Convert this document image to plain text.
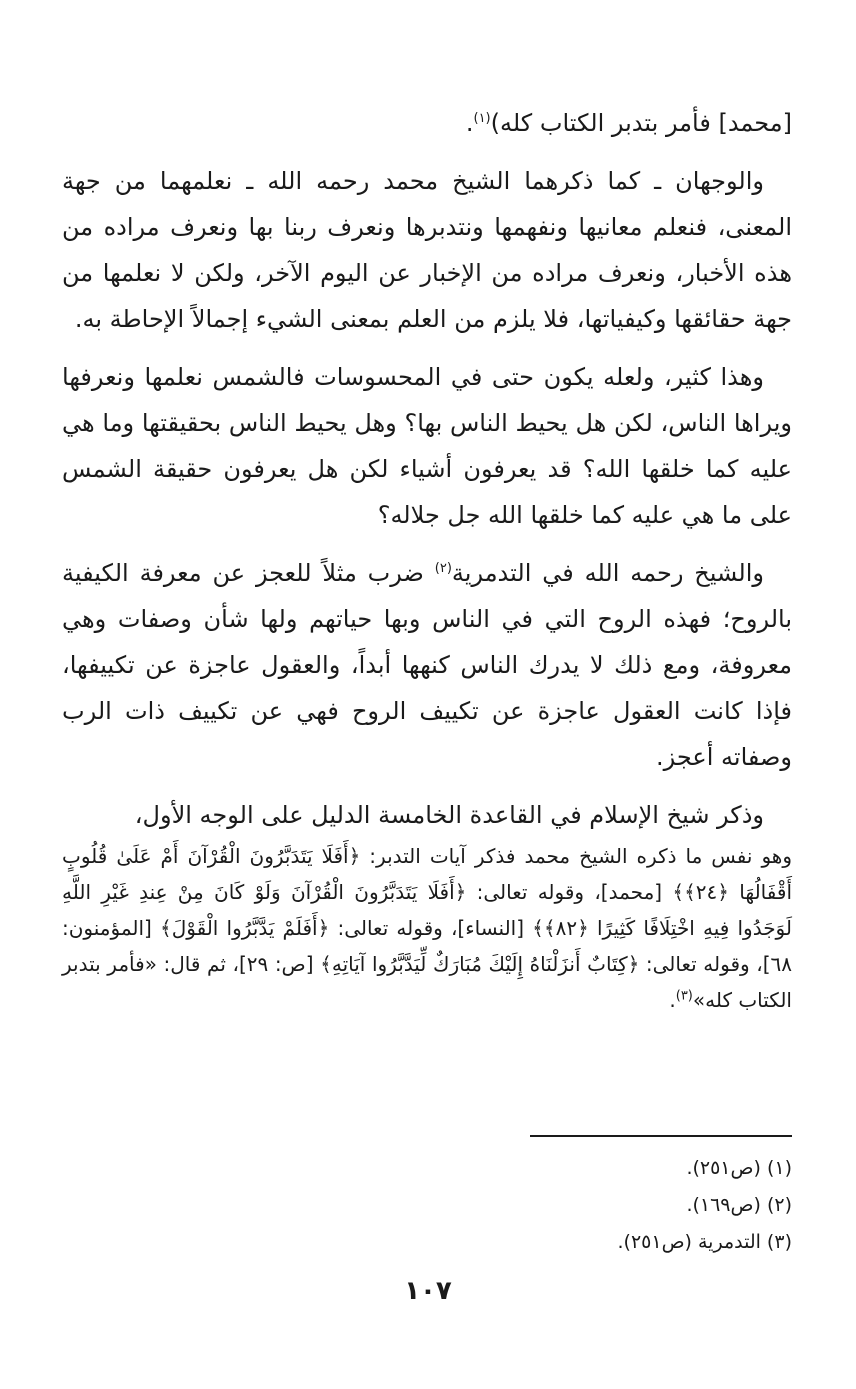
[محمد] فأمر بتدبر الكتاب كله)$^{(١)}$.

والوجهان ـ كما ذكرهما الشيخ محمد رحمه الله ـ نعلمهما من جهة المعنى، فنعلم معانيها ونفهمها ونتدبرها ونعرف ربنا بها ونعرف مراده من هذه الأخبار، ونعرف مراده من الإخبار عن اليوم الآخر، ولكن لا نعلمها من جهة حقائقها وكيفياتها، فلا يلزم من العلم بمعنى الشيء إجمالاً الإحاطة به.

وهذا كثير، ولعله يكون حتى في المحسوسات فالشمس نعلمها ونعرفها ويراها الناس، لكن هل يحيط الناس بها؟ وهل يحيط الناس بحقيقتها وما هي عليه كما خلقها الله؟ قد يعرفون أشياء لكن هل يعرفون حقيقة الشمس على ما هي عليه كما خلقها الله جل جلاله؟

والشيخ رحمه الله في التدمرية$^{(٢)}$ ضرب مثلاً للعجز عن معرفة الكيفية بالروح؛ فهذه الروح التي في الناس وبها حياتهم ولها شأن وصفات وهي معروفة، ومع ذلك لا يدرك الناس كنهها أبداً، والعقول عاجزة عن تكييفها، فإذا كانت العقول عاجزة عن تكييف الروح فهي عن تكييف ذات الرب وصفاته أعجز.

وذكر شيخ الإسلام في القاعدة الخامسة الدليل على الوجه الأول،

وهو نفس ما ذكره الشيخ محمد فذكر آيات التدبر: ﴿أَفَلَا يَتَدَبَّرُونَ الْقُرْآنَ أَمْ عَلَىٰ قُلُوبٍ أَقْفَالُهَا ﴿٢٤﴾﴾ [محمد]، وقوله تعالى: ﴿أَفَلَا يَتَدَبَّرُونَ الْقُرْآنَ وَلَوْ كَانَ مِنْ عِندِ غَيْرِ اللَّهِ لَوَجَدُوا فِيهِ اخْتِلَافًا كَثِيرًا ﴿٨٢﴾﴾ [النساء]، وقوله تعالى: ﴿أَفَلَمْ يَدَّبَّرُوا الْقَوْلَ﴾ [المؤمنون: ٦٨]، وقوله تعالى: ﴿كِتَابٌ أَنزَلْنَاهُ إِلَيْكَ مُبَارَكٌ لِّيَدَّبَّرُوا آيَاتِهِ﴾ [ص: ٢٩]، ثم قال: «فأمر بتدبر الكتاب كله»$^{(٣)}$.

(١) (ص٢٥١).

(٢) (ص١٦٩).

(٣) التدمرية (ص٢٥١).

١٠٧
